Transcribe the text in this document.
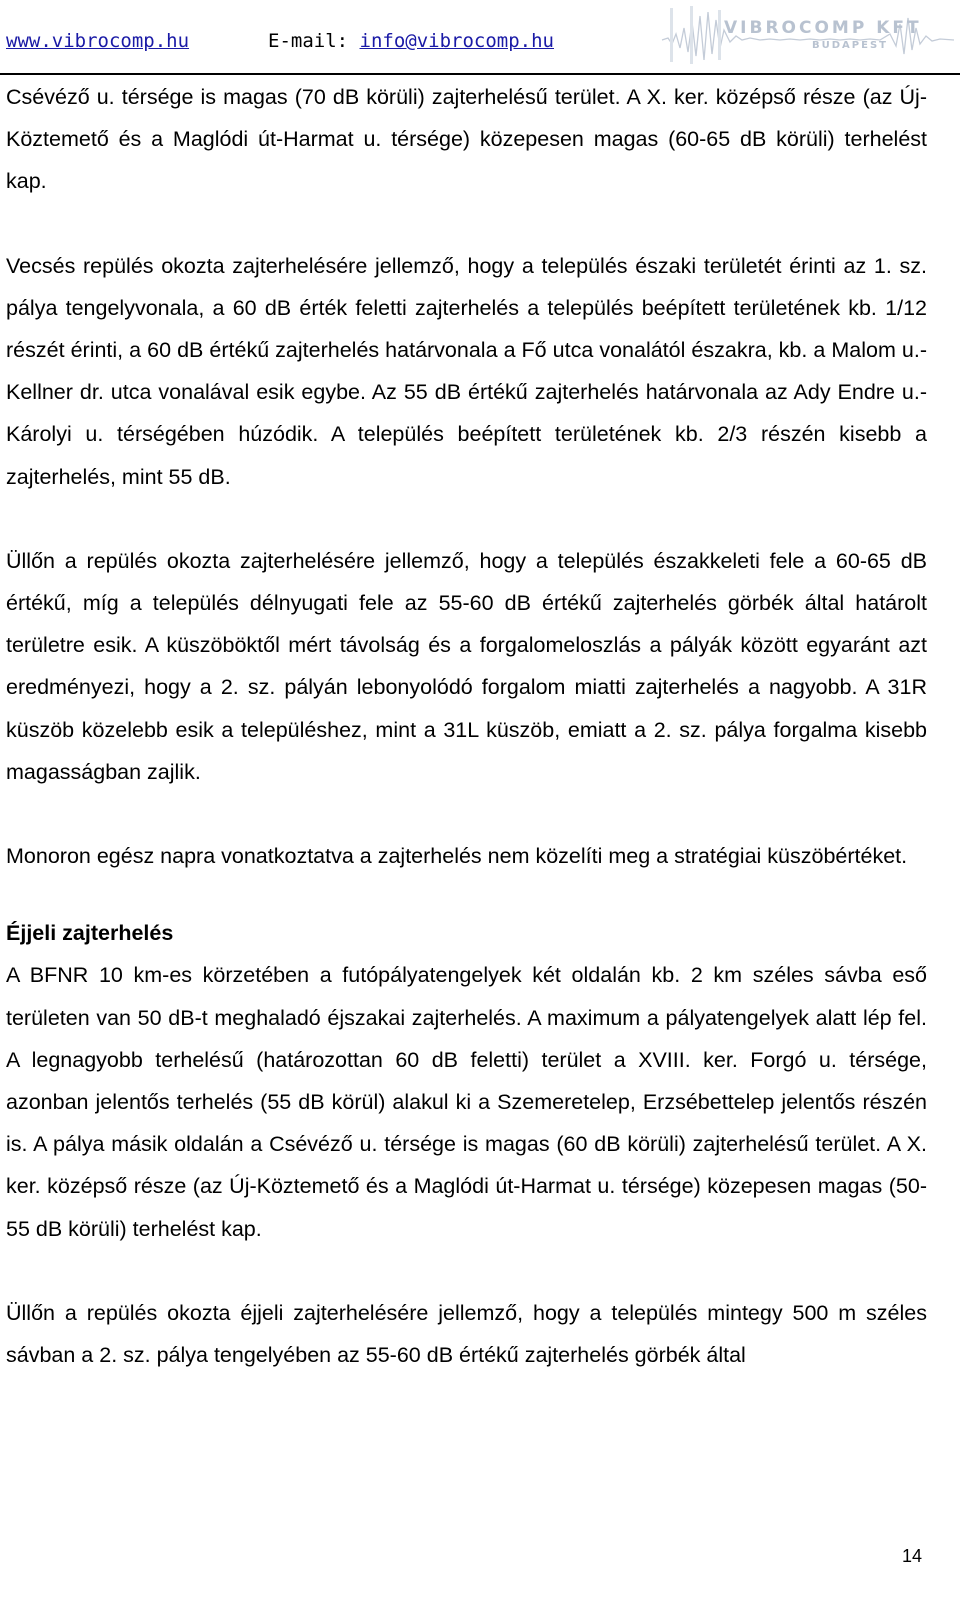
www.vibrocomp.hu	E-mail: info@vibrocomp.hu
VIBROCOMP KFT
BUDAPEST

Csévéző u. térsége is magas (70 dB körüli) zajterhelésű terület. A X. ker. középső része (az Új-Köztemető és a Maglódi út-Harmat u. térsége) közepesen magas (60-65 dB körüli) terhelést kap.

Vecsés repülés okozta zajterhelésére jellemző, hogy a település északi területét érinti az 1. sz. pálya tengelyvonala, a 60 dB érték feletti zajterhelés a település beépített területének kb. 1/12 részét érinti, a 60 dB értékű zajterhelés határvonala a Fő utca vonalától északra, kb. a Malom u.-Kellner dr. utca vonalával esik egybe. Az 55 dB értékű zajterhelés határvonala az Ady Endre u.-Károlyi u. térségében húzódik. A település beépített területének kb. 2/3 részén kisebb a zajterhelés, mint 55 dB.

Üllőn a repülés okozta zajterhelésére jellemző, hogy a település északkeleti fele a 60-65 dB értékű, míg a település délnyugati fele az 55-60 dB értékű zajterhelés görbék által határolt területre esik. A küszöböktől mért távolság és a forgalomeloszlás a pályák között egyaránt azt eredményezi, hogy a 2. sz. pályán lebonyolódó forgalom miatti zajterhelés a nagyobb. A 31R küszöb közelebb esik a településhez, mint a 31L küszöb, emiatt a 2. sz. pálya forgalma kisebb magasságban zajlik.

Monoron egész napra vonatkoztatva a zajterhelés nem közelíti meg a stratégiai küszöbértéket.

Éjjeli zajterhelés

A BFNR 10 km-es körzetében a futópályatengelyek két oldalán kb. 2 km széles sávba eső területen van 50 dB-t meghaladó éjszakai zajterhelés. A maximum a pályatengelyek alatt lép fel. A legnagyobb terhelésű (határozottan 60 dB feletti) terület a XVIII. ker. Forgó u. térsége, azonban jelentős terhelés (55 dB körül) alakul ki a Szemeretelep, Erzsébettelep jelentős részén is. A pálya másik oldalán a Csévéző u. térsége is magas (60 dB körüli) zajterhelésű terület. A X. ker. középső része (az Új-Köztemető és a Maglódi út-Harmat u. térsége) közepesen magas (50-55 dB körüli) terhelést kap.

Üllőn a repülés okozta éjjeli zajterhelésére jellemző, hogy a település mintegy 500 m széles sávban a 2. sz. pálya tengelyében az 55-60 dB értékű zajterhelés görbék által

14
